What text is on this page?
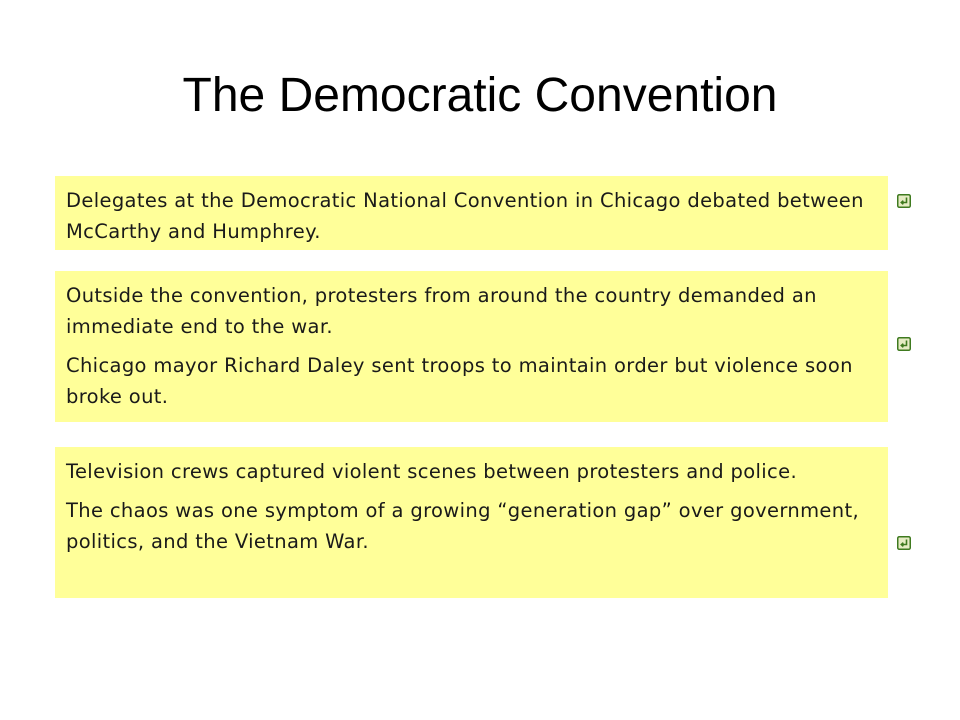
The Democratic Convention

Delegates at the Democratic National Convention in Chicago debated between McCarthy and Humphrey.

Outside the convention, protesters from around the country demanded an immediate end to the war.

Chicago mayor Richard Daley sent troops to maintain order but violence soon broke out.

Television crews captured violent scenes between protesters and police.

The chaos was one symptom of a growing “generation gap” over government, politics, and the Vietnam War.
